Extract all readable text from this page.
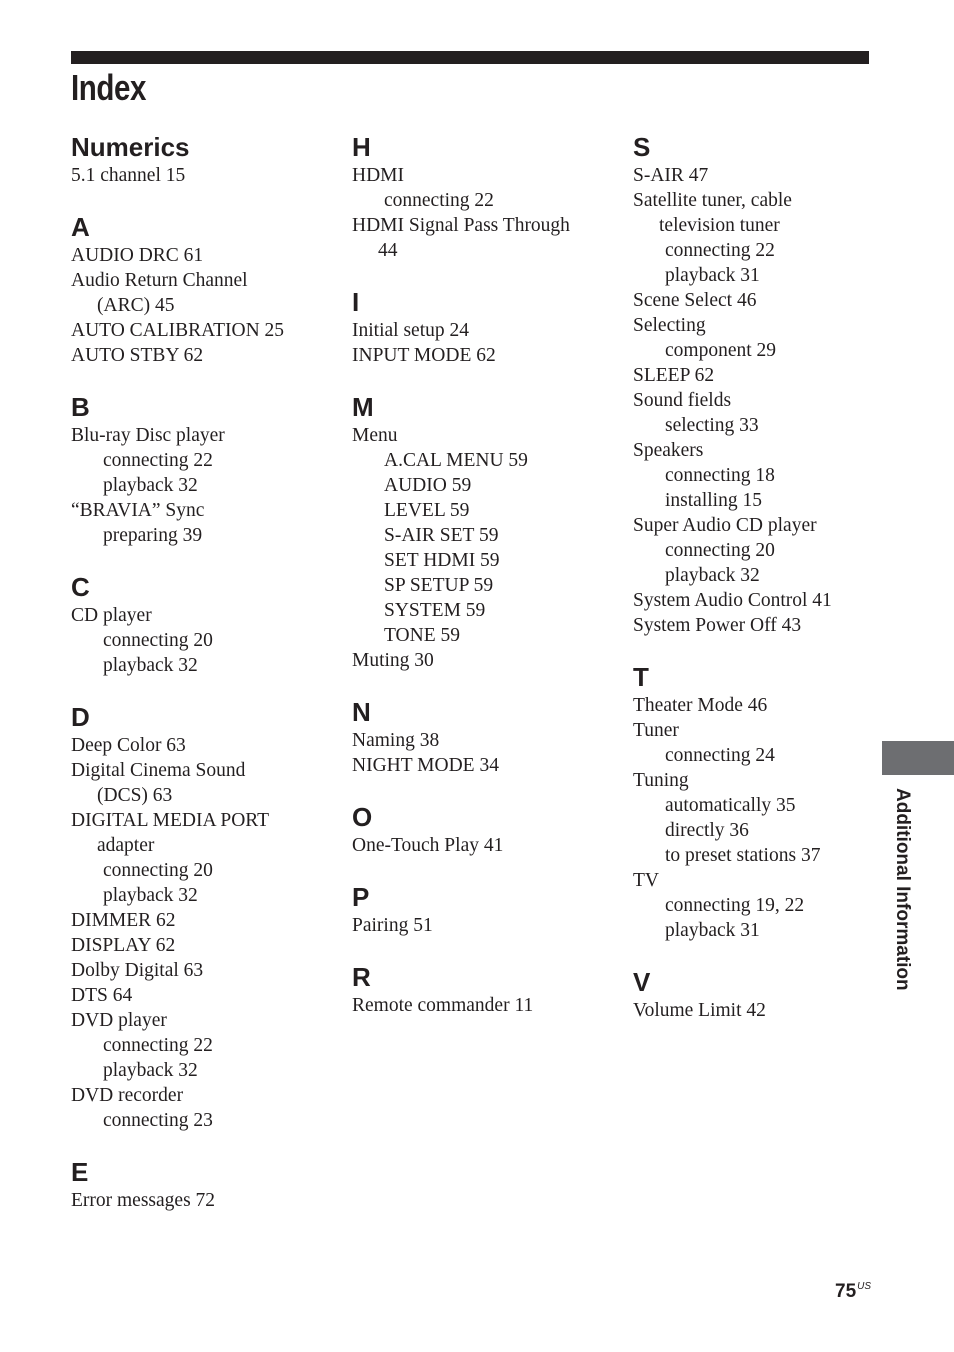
Index
Numerics
5.1 channel 15
A
AUDIO DRC 61
Audio Return Channel
(ARC) 45
AUTO CALIBRATION 25
AUTO STBY 62
B
Blu-ray Disc player
connecting 22
playback 32
“BRAVIA” Sync
preparing 39
C
CD player
connecting 20
playback 32
D
Deep Color 63
Digital Cinema Sound
(DCS) 63
DIGITAL MEDIA PORT
adapter
connecting 20
playback 32
DIMMER 62
DISPLAY 62
Dolby Digital 63
DTS 64
DVD player
connecting 22
playback 32
DVD recorder
connecting 23
E
Error messages 72
H
HDMI
connecting 22
HDMI Signal Pass Through
44
I
Initial setup 24
INPUT MODE 62
M
Menu
A.CAL MENU 59
AUDIO 59
LEVEL 59
S-AIR SET 59
SET HDMI 59
SP SETUP 59
SYSTEM 59
TONE 59
Muting 30
N
Naming 38
NIGHT MODE 34
O
One-Touch Play 41
P
Pairing 51
R
Remote commander 11
S
S-AIR 47
Satellite tuner, cable
television tuner
connecting 22
playback 31
Scene Select 46
Selecting
component 29
SLEEP 62
Sound fields
selecting 33
Speakers
connecting 18
installing 15
Super Audio CD player
connecting 20
playback 32
System Audio Control 41
System Power Off 43
T
Theater Mode 46
Tuner
connecting 24
Tuning
automatically 35
directly 36
to preset stations 37
TV
connecting 19, 22
playback 31
V
Volume Limit 42
Additional Information
$75^{US}$
